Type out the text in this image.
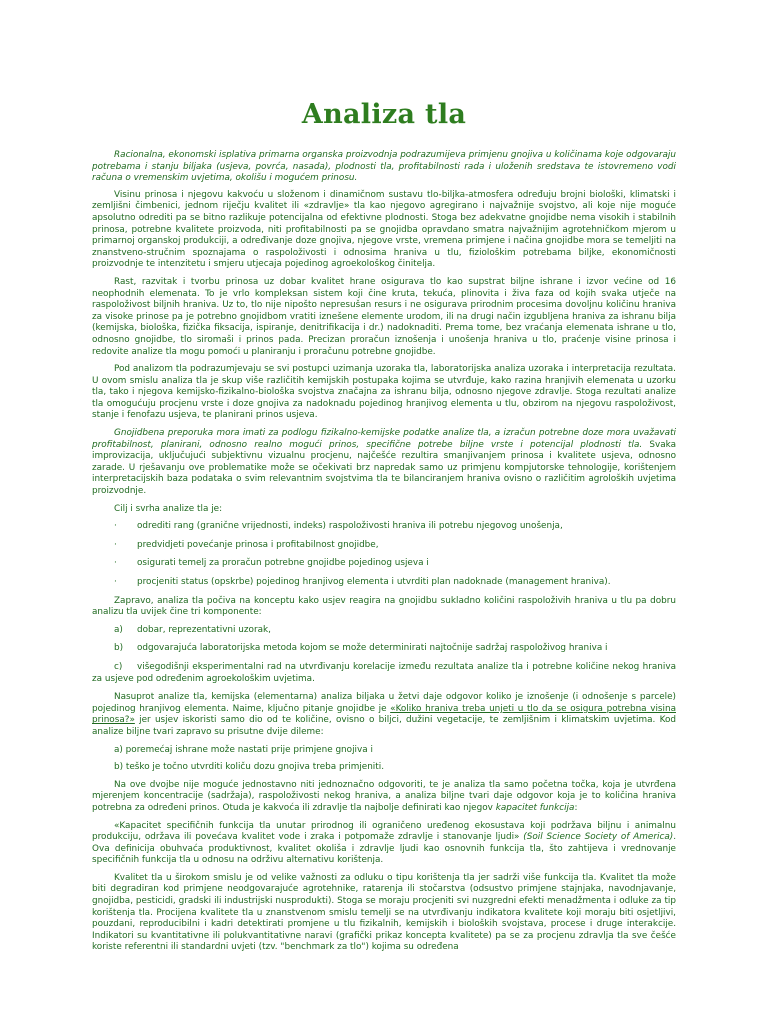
Analiza tla

Racionalna, ekonomski isplativa primarna organska proizvodnja podrazumijeva primjenu gnojiva u količinama koje odgovaraju potrebama i stanju biljaka (usjeva, povrća, nasada), plodnosti tla, profitabilnosti rada i uloženih sredstava te istovremeno vodi računa o vremenskim uvjetima, okolišu i mogućem prinosu.

Visinu prinosa i njegovu kakvoću u složenom i dinamičnom sustavu tlo-biljka-atmosfera određuju brojni biološki, klimatski i zemljišni čimbenici, jednom riječju kvalitet ili «zdravlje» tla kao njegovo agregirano i najvažnije svojstvo, ali koje nije moguće apsolutno odrediti pa se bitno razlikuje potencijalna od efektivne plodnosti. Stoga bez adekvatne gnojidbe nema visokih i stabilnih prinosa, potrebne kvalitete proizvoda, niti profitabilnosti pa se gnojidba opravdano smatra najvažnijim agrotehničkom mjerom u primarnoj organskoj produkciji, a određivanje doze gnojiva, njegove vrste, vremena primjene i načina gnojidbe mora se temeljiti na znanstveno-stručnim spoznajama o raspoloživosti i odnosima hraniva u tlu, fiziološkim potrebama biljke, ekonomičnosti proizvodnje te intenzitetu i smjeru utjecaja pojedinog agroekološkog činitelja.

Rast, razvitak i tvorbu prinosa uz dobar kvalitet hrane osigurava tlo kao supstrat biljne ishrane i izvor većine od 16 neophodnih elemenata. To je vrlo kompleksan sistem koji čine kruta, tekuća, plinovita i živa faza od kojih svaka utječe na raspoloživost biljnih hraniva. Uz to, tlo nije nipošto nepresušan resurs i ne osigurava prirodnim procesima dovoljnu količinu hraniva za visoke prinose pa je potrebno gnojidbom vratiti iznešene elemente urodom, ili na drugi način izgubljena hraniva za ishranu bilja (kemijska, biološka, fizička fiksacija, ispiranje, denitrifikacija i dr.) nadoknaditi. Prema tome, bez vraćanja elemenata ishrane u tlo, odnosno gnojidbe, tlo siromaši i prinos pada. Precizan proračun iznošenja i unošenja hraniva u tlo, praćenje visine prinosa i redovite analize tla mogu pomoći u planiranju i proračunu potrebne gnojidbe.

Pod analizom tla podrazumjevaju se svi postupci uzimanja uzoraka tla, laboratorijska analiza uzoraka i interpretacija rezultata. U ovom smislu analiza tla je skup više različitih kemijskih postupaka kojima se utvrđuje, kako razina hranjivih elemenata u uzorku tla, tako i njegova kemijsko-fizikalno-biološka svojstva značajna za ishranu bilja, odnosno njegove zdravlje. Stoga rezultati analize tla omogućuju procjenu vrste i doze gnojiva za nadoknadu pojedinog hranjivog elementa u tlu, obzirom na njegovu raspoloživost, stanje i fenofazu usjeva, te planirani prinos usjeva.

Gnojidbena preporuka mora imati za podlogu fizikalno-kemijske podatke analize tla, a izračun potrebne doze mora uvažavati profitabilnost, planirani, odnosno realno mogući prinos, specifične potrebe biljne vrste i potencijal plodnosti tla. Svaka improvizacija, uključujući subjektivnu vizualnu procjenu, najčešće rezultira smanjivanjem prinosa i kvalitete usjeva, odnosno zarade. U rješavanju ove problematike može se očekivati brz napredak samo uz primjenu kompjutorske tehnologije, korištenjem interpretacijskih baza podataka o svim relevantnim svojstvima tla te bilanciranjem hraniva ovisno o različitim agroloških uvjetima proizvodnje.

Cilj i svrha analize tla je:

· odrediti rang (granične vrijednosti, indeks) raspoloživosti hraniva ili potrebu njegovog unošenja,
· predvidjeti povećanje prinosa i profitabilnost gnojidbe,
· osigurati temelj za proračun potrebne gnojidbe pojedinog usjeva i
· procjeniti status (opskrbe) pojedinog hranjivog elementa i utvrditi plan nadoknade (management hraniva).

Zapravo, analiza tla počiva na konceptu kako usjev reagira na gnojidbu sukladno količini raspoloživih hraniva u tlu pa dobru analizu tla uvijek čine tri komponente:

a) dobar, reprezentativni uzorak,
b) odgovarajuća laboratorijska metoda kojom se može determinirati najtočnije sadržaj raspoloživog hraniva i
c) višegodišnji eksperimentalni rad na utvrđivanju korelacije između rezultata analize tla i potrebne količine nekog hraniva za usjeve pod određenim agroekološkim uvjetima.

Nasuprot analize tla, kemijska (elementarna) analiza biljaka u žetvi daje odgovor koliko je iznošenje (i odnošenje s parcele) pojedinog hranjivog elementa. Naime, ključno pitanje gnojidbe je «Koliko hraniva treba unjeti u tlo da se osigura potrebna visina prinosa?» jer usjev iskoristi samo dio od te količine, ovisno o biljci, dužini vegetacije, te zemljišnim i klimatskim uvjetima. Kod analize biljne tvari zapravo su prisutne dvije dileme:

a) poremećaj ishrane može nastati prije primjene gnojiva i
b) teško je točno utvrditi količu dozu gnojiva treba primjeniti.

Na ove dvojbe nije moguće jednostavno niti jednoznačno odgovoriti, te je analiza tla samo početna točka, koja je utvrđena mjerenjem koncentracije (sadržaja), raspoloživosti nekog hraniva, a analiza biljne tvari daje odgovor koja je to količina hraniva potrebna za određeni prinos. Otuda je kakvoća ili zdravlje tla najbolje definirati kao njegov kapacitet funkcija:

«Kapacitet specifičnih funkcija tla unutar prirodnog ili ograničeno uređenog ekosustava koji podržava biljnu i animalnu produkciju, održava ili povećava kvalitet vode i zraka i potpomaže zdravlje i stanovanje ljudi» (Soil Science Society of America). Ova definicija obuhvaća produktivnost, kvalitet okoliša i zdravlje ljudi kao osnovnih funkcija tla, što zahtijeva i vrednovanje specifičnih funkcija tla u odnosu na održivu alternativu korištenja.

Kvalitet tla u širokom smislu je od velike važnosti za odluku o tipu korištenja tla jer sadrži više funkcija tla. Kvalitet tla može biti degradiran kod primjene neodgovarajuće agrotehnike, ratarenja ili stočarstva (odsustvo primjene stajnjaka, navodnjavanje, gnojidba, pesticidi, gradski ili industrijski nusprodukti). Stoga se moraju procjeniti svi nuzgredni efekti menadžmenta i odluke za tip korištenja tla. Procijena kvalitete tla u znanstvenom smislu temelji se na utvrđivanju indikatora kvalitete koji moraju biti osjetljivi, pouzdani, reproducibilni i kadri detektirati promjene u tlu fizikalnih, kemijskih i bioloških svojstava, procese i druge interakcije. Indikatori su kvantitativne ili polukvantitativne naravi (grafički prikaz koncepta kvalitete) pa se za procjenu zdravlja tla sve češće koriste referentni ili standardni uvjeti (tzv. "benchmark za tlo") kojima su određena
